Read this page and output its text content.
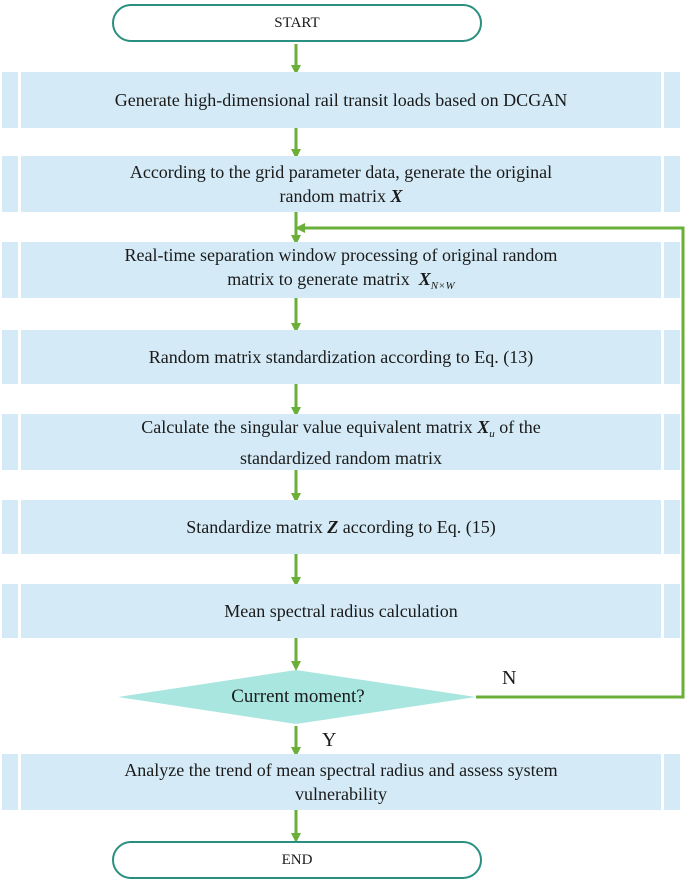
START
Generate high-dimensional rail transit loads based on DCGAN
According to the grid parameter data, generate the original
random matrix X
Real-time separation window processing of original random
matrix to generate matrix $X_{N\times W}$
Random matrix standardization according to Eq. (13)
Calculate the singular value equivalent matrix $X_u$ of the
standardized random matrix
Standardize matrix Z according to Eq. (15)
Mean spectral radius calculation
Current moment?
N
Y
Analyze the trend of mean spectral radius and assess system
vulnerability
END
